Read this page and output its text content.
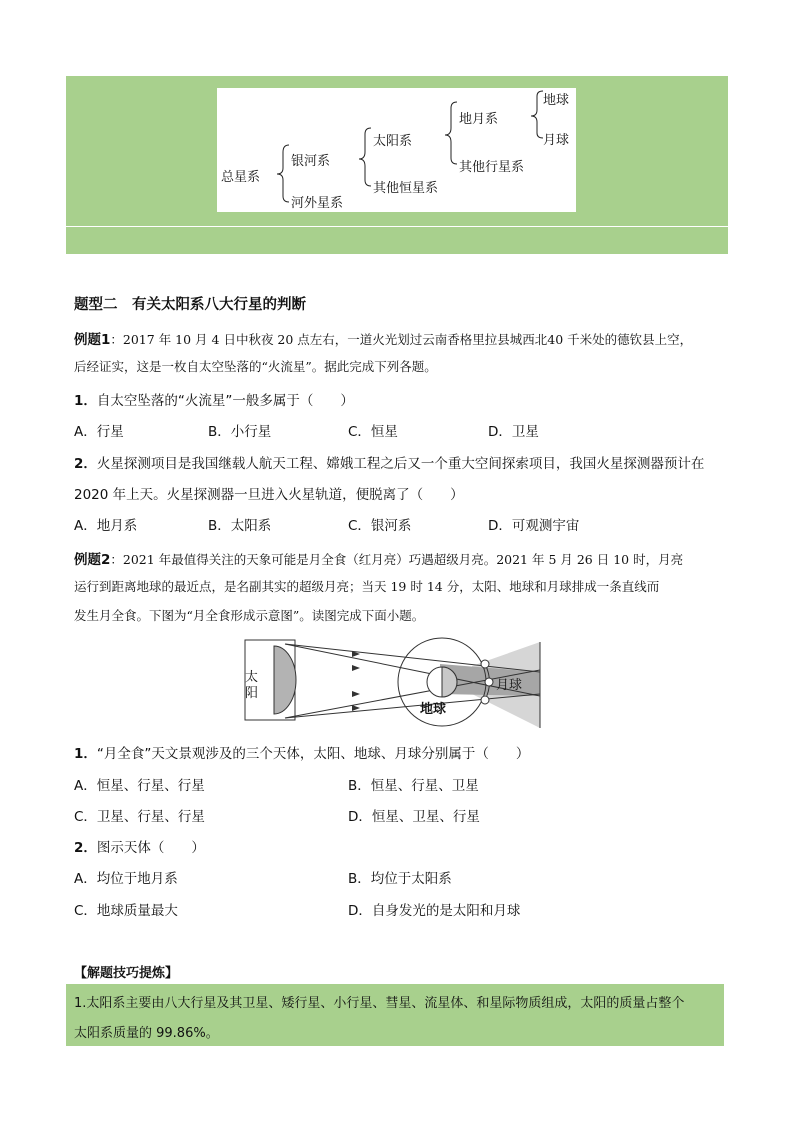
总星系
银河系
河外星系
太阳系
其他恒星系
地月系
其他行星系
地球
月球
题型二　有关太阳系八大行星的判断
例题1：2017 年 10 月 4 日中秋夜 20 点左右，一道火光划过云南香格里拉县城西北40 千米处的德钦县上空，
后经证实，这是一枚自太空坠落的“火流星”。据此完成下列各题。
1．自太空坠落的“火流星”一般多属于（　　）
A．行星	B．小行星	C．恒星	D．卫星
2．火星探测项目是我国继载人航天工程、嫦娥工程之后又一个重大空间探索项目，我国火星探测器预计在
2020 年上天。火星探测器一旦进入火星轨道，便脱离了（　　）
A．地月系	B．太阳系	C．银河系	D．可观测宇宙
例题2：2021 年最值得关注的天象可能是月全食（红月亮）巧遇超级月亮。2021 年 5 月 26 日 10 时，月亮
运行到距离地球的最近点，是名副其实的超级月亮；当天 19 时 14 分，太阳、地球和月球排成一条直线而
发生月全食。下图为“月全食形成示意图”。读图完成下面小题。
太
阳
地球
月球
1．“月全食”天文景观涉及的三个天体，太阳、地球、月球分别属于（　　）
A．恒星、行星、行星	B．恒星、行星、卫星
C．卫星、行星、行星	D．恒星、卫星、行星
2．图示天体（　　）
A．均位于地月系	B．均位于太阳系
C．地球质量最大	D．自身发光的是太阳和月球
【解题技巧提炼】
1.太阳系主要由八大行星及其卫星、矮行星、小行星、彗星、流星体、和星际物质组成，太阳的质量占整个
太阳系质量的 99.86%。
